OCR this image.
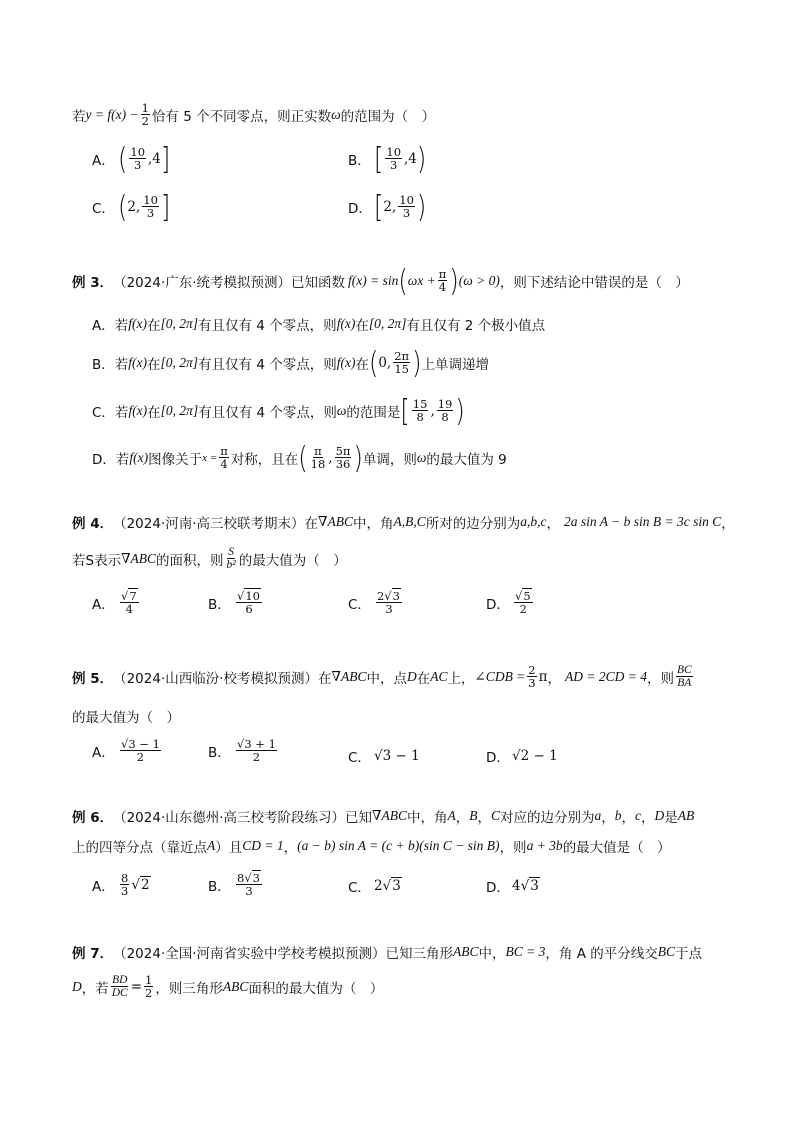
若 $y = f(x) - \frac{1}{2}$ 恰有 5 个不同零点，则正实数 ω 的范围为（　）
A． ( $\frac{10}{3} ,4$ ]	B． [ $\frac{10}{3} ,4$ )
C． ( 2, $\frac{10}{3}$ ]	D． [ 2, $\frac{10}{3}$ )
例 3． （2024·广东·统考模拟预测）已知函数 f(x) = sin ( $\omega x + \frac{\pi}{4}$ ) (ω > 0) ，则下述结论中错误的是（　）
A．若 f(x) 在 [0, 2π] 有且仅有 4 个零点，则 f(x) 在 [0, 2π] 有且仅有 2 个极小值点
B．若 f(x) 在 [0, 2π] 有且仅有 4 个零点，则 f(x) 在 ( 0, $\frac{2\pi}{15}$ ) 上单调递增
C．若 f(x) 在 [0, 2π] 有且仅有 4 个零点，则 ω 的范围是 [ $\frac{15}{8}$ , $\frac{19}{8}$ )
D．若 f(x) 图像关于 $x = \frac{\pi}{4}$ 对称，且在 ( $\frac{\pi}{18}$ , $\frac{5\pi}{36}$ ) 单调，则 ω 的最大值为 9
例 4． （2024·河南·高三校联考期末）在 ∇ABC 中，角 A,B,C 所对的边分别为 a,b,c ， 2a sin A − b sin B = 3c sin C ，
若S表示 ∇ABC 的面积，则 $\frac{S}{\text{b²}}$ 的最大值为（　）
A． $\frac{√7}{4}$	B． $\frac{√10}{6}$	C． $\frac{2√3}{3}$	D． $\frac{√5}{2}$
例 5． （2024·山西临汾·校考模拟预测）在 ∇ABC 中，点 D 在 AC 上， ∠CDB = $\frac{2}{3}$ π ， AD = 2CD = 4 ，则 $\frac{BC}{BA}$
的最大值为（　）
A． $\frac{√3 - 1}{2}$	B． $\frac{√3 + 1}{2}$	C． √3 − 1	D． √2 − 1
例 6． （2024·山东德州·高三校考阶段练习）已知 ∇ABC 中，角 A ， B ， C 对应的边分别为 a ， b ， c ， D 是 AB
上的四等分点（靠近点 A ）且 CD = 1 ， (a − b) sin A = (c + b)(sin C − sin B) ，则 a + 3b 的最大值是（　）
A． $\frac{8}{3} √2$	B． $\frac{8√3}{3}$	C． 2 √3	D． 4 √3
例 7． （2024·全国·河南省实验中学校考模拟预测）已知三角形 ABC 中， BC = 3 ，角 A 的平分线交 BC 于点
D ，若 $\frac{BD}{DC} = \frac{1}{2}$ ，则三角形 ABC 面积的最大值为（　）
